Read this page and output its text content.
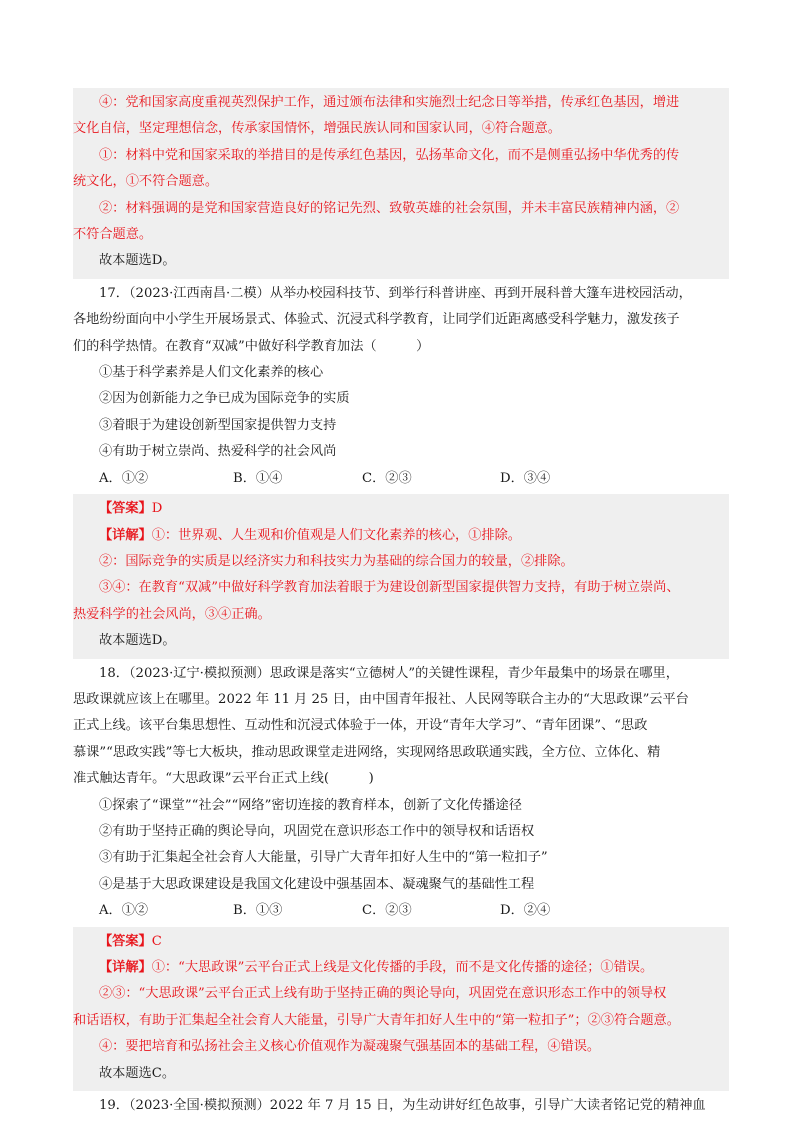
④：党和国家高度重视英烈保护工作，通过颁布法律和实施烈士纪念日等举措，传承红色基因，增进
文化自信，坚定理想信念，传承家国情怀，增强民族认同和国家认同，④符合题意。
①：材料中党和国家采取的举措目的是传承红色基因，弘扬革命文化，而不是侧重弘扬中华优秀的传
统文化，①不符合题意。
②：材料强调的是党和国家营造良好的铭记先烈、致敬英雄的社会氛围，并未丰富民族精神内涵，②
不符合题意。
故本题选D。
17．（2023·江西南昌·二模）从举办校园科技节、到举行科普讲座、再到开展科普大篷车进校园活动，
各地纷纷面向中小学生开展场景式、体验式、沉浸式科学教育，让同学们近距离感受科学魅力，激发孩子
们的科学热情。在教育“双减”中做好科学教育加法（　　　）
①基于科学素养是人们文化素养的核心
②因为创新能力之争已成为国际竞争的实质
③着眼于为建设创新型国家提供智力支持
④有助于树立崇尚、热爱科学的社会风尚
A．①②	B．①④	C．②③	D．③④
【答案】D
【详解】①：世界观、人生观和价值观是人们文化素养的核心，①排除。
②：国际竞争的实质是以经济实力和科技实力为基础的综合国力的较量，②排除。
③④：在教育“双减”中做好科学教育加法着眼于为建设创新型国家提供智力支持，有助于树立崇尚、
热爱科学的社会风尚，③④正确。
故本题选D。
18．（2023·辽宁·模拟预测）思政课是落实“立德树人”的关键性课程，青少年最集中的场景在哪里，
思政课就应该上在哪里。2022 年 11 月 25 日，由中国青年报社、人民网等联合主办的“大思政课”云平台
正式上线。该平台集思想性、互动性和沉浸式体验于一体，开设“青年大学习”、“青年团课”、“思政
慕课”“思政实践”等七大板块，推动思政课堂走进网络，实现网络思政联通实践，全方位、立体化、精
准式触达青年。“大思政课”云平台正式上线(　　　)
①探索了“课堂”“社会”“网络”密切连接的教育样本，创新了文化传播途径
②有助于坚持正确的舆论导向，巩固党在意识形态工作中的领导权和话语权
③有助于汇集起全社会育人大能量，引导广大青年扣好人生中的“第一粒扣子”
④是基于大思政课建设是我国文化建设中强基固本、凝魂聚气的基础性工程
A．①②	B．①③	C．②③	D．②④
【答案】C
【详解】①：“大思政课”云平台正式上线是文化传播的手段，而不是文化传播的途径；①错误。
②③：“大思政课”云平台正式上线有助于坚持正确的舆论导向，巩固党在意识形态工作中的领导权
和话语权，有助于汇集起全社会育人大能量，引导广大青年扣好人生中的“第一粒扣子”；②③符合题意。
④：要把培育和弘扬社会主义核心价值观作为凝魂聚气强基固本的基础工程，④错误。
故本题选C。
19．（2023·全国·模拟预测）2022 年 7 月 15 日，为生动讲好红色故事，引导广大读者铭记党的精神血
